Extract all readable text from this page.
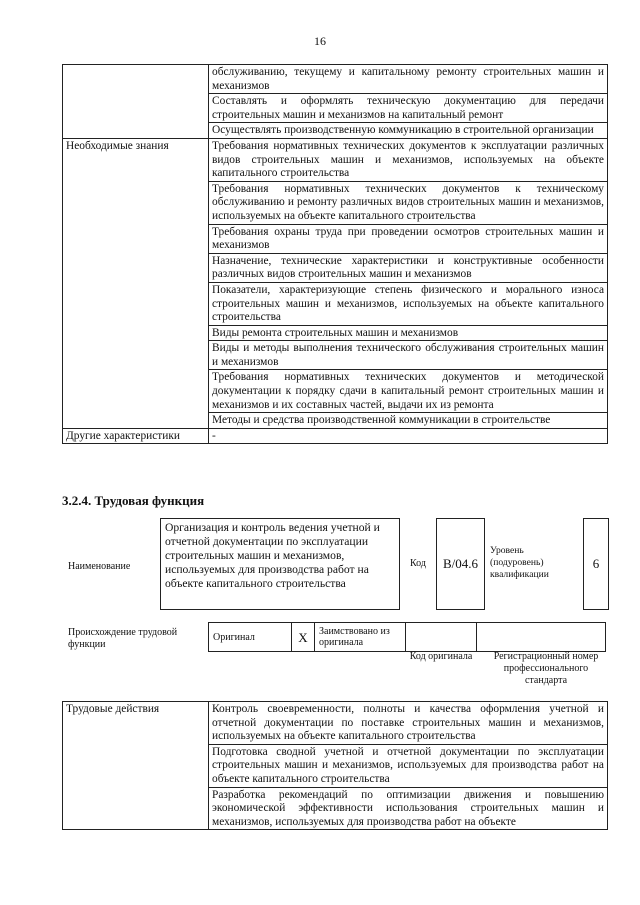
16
	обслуживанию, текущему и капитальному ремонту строительных машин и механизмов
	Составлять и оформлять техническую документацию для передачи строительных машин и механизмов на капитальный ремонт
	Осуществлять производственную коммуникацию в строительной организации
Необходимые знания	Требования нормативных технических документов к эксплуатации различных видов строительных машин и механизмов, используемых на объекте капитального строительства
	Требования нормативных технических документов к техническому обслуживанию и ремонту различных видов строительных машин и механизмов, используемых на объекте капитального строительства
	Требования охраны труда при проведении осмотров строительных машин и механизмов
	Назначение, технические характеристики и конструктивные особенности различных видов строительных машин и механизмов
	Показатели, характеризующие степень физического и морального износа строительных машин и механизмов, используемых на объекте капитального строительства
	Виды ремонта строительных машин и механизмов
	Виды и методы выполнения технического обслуживания строительных машин и механизмов
	Требования нормативных технических документов и методической документации к порядку сдачи в капитальный ремонт строительных машин и механизмов и их составных частей, выдачи их из ремонта
	Методы и средства производственной коммуникации в строительстве
Другие характеристики	-
3.2.4. Трудовая функция
Наименование
Организация и контроль ведения учетной и отчетной документации по эксплуатации строительных машин и механизмов, используемых для производства работ на объекте капитального строительства
Код	B/04.6
Уровень (подуровень) квалификации
6
Происхождение трудовой функции
Оригинал	X	Заимствовано из оригинала		
Код оригинала	Регистрационный номер профессионального стандарта
Трудовые действия	Контроль своевременности, полноты и качества оформления учетной и отчетной документации по поставке строительных машин и механизмов, используемых на объекте капитального строительства
Подготовка сводной учетной и отчетной документации по эксплуатации строительных машин и механизмов, используемых для производства работ на объекте капитального строительства
Разработка рекомендаций по оптимизации движения и повышению экономической эффективности использования строительных машин и механизмов, используемых для производства работ на объекте
